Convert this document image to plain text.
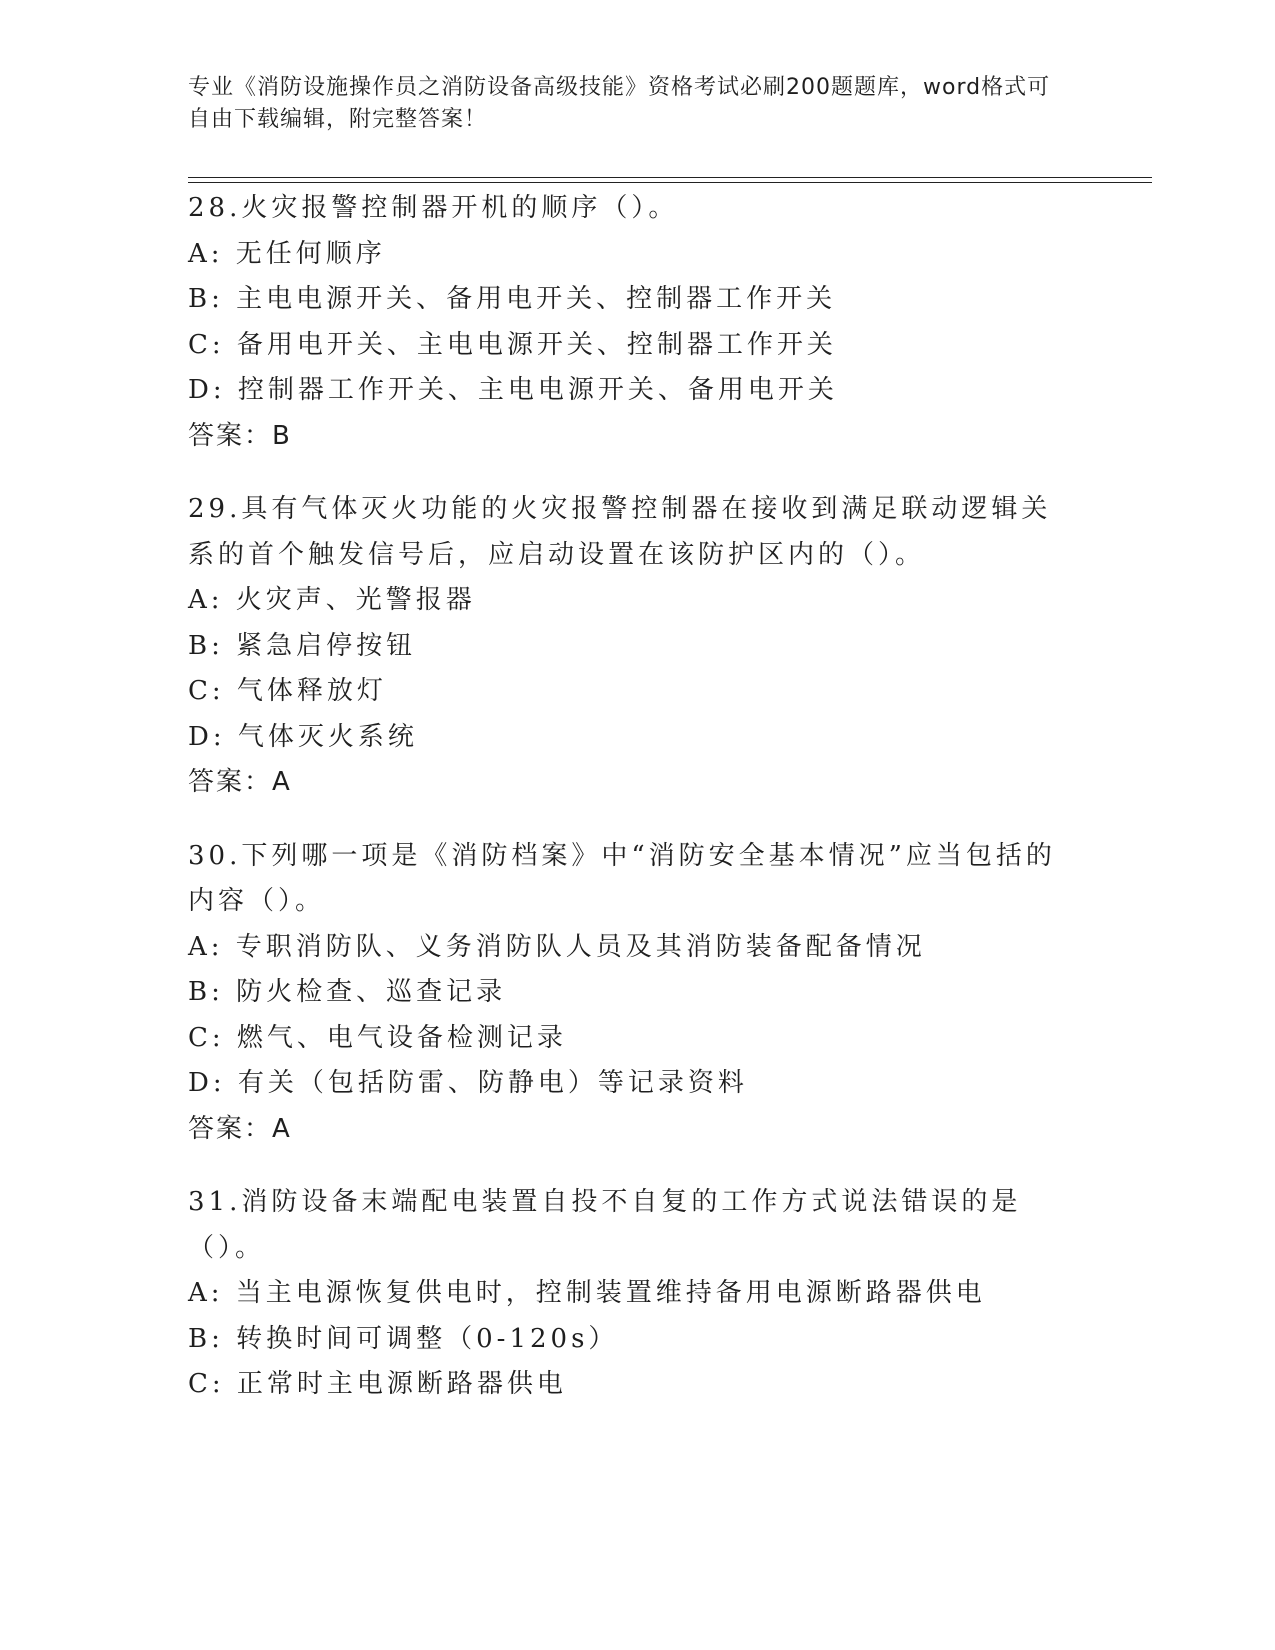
专业《消防设施操作员之消防设备高级技能》资格考试必刷200题题库，word格式可自由下载编辑，附完整答案！
28.火灾报警控制器开机的顺序（）。
A: 无任何顺序
B: 主电电源开关、备用电开关、控制器工作开关
C: 备用电开关、主电电源开关、控制器工作开关
D: 控制器工作开关、主电电源开关、备用电开关
答案：B
29.具有气体灭火功能的火灾报警控制器在接收到满足联动逻辑关系的首个触发信号后，应启动设置在该防护区内的（）。
A: 火灾声、光警报器
B: 紧急启停按钮
C: 气体释放灯
D: 气体灭火系统
答案：A
30.下列哪一项是《消防档案》中“消防安全基本情况”应当包括的内容（）。
A: 专职消防队、义务消防队人员及其消防装备配备情况
B: 防火检查、巡查记录
C: 燃气、电气设备检测记录
D: 有关（包括防雷、防静电）等记录资料
答案：A
31.消防设备末端配电装置自投不自复的工作方式说法错误的是（）。
A: 当主电源恢复供电时，控制装置维持备用电源断路器供电
B: 转换时间可调整（0-120s）
C: 正常时主电源断路器供电
